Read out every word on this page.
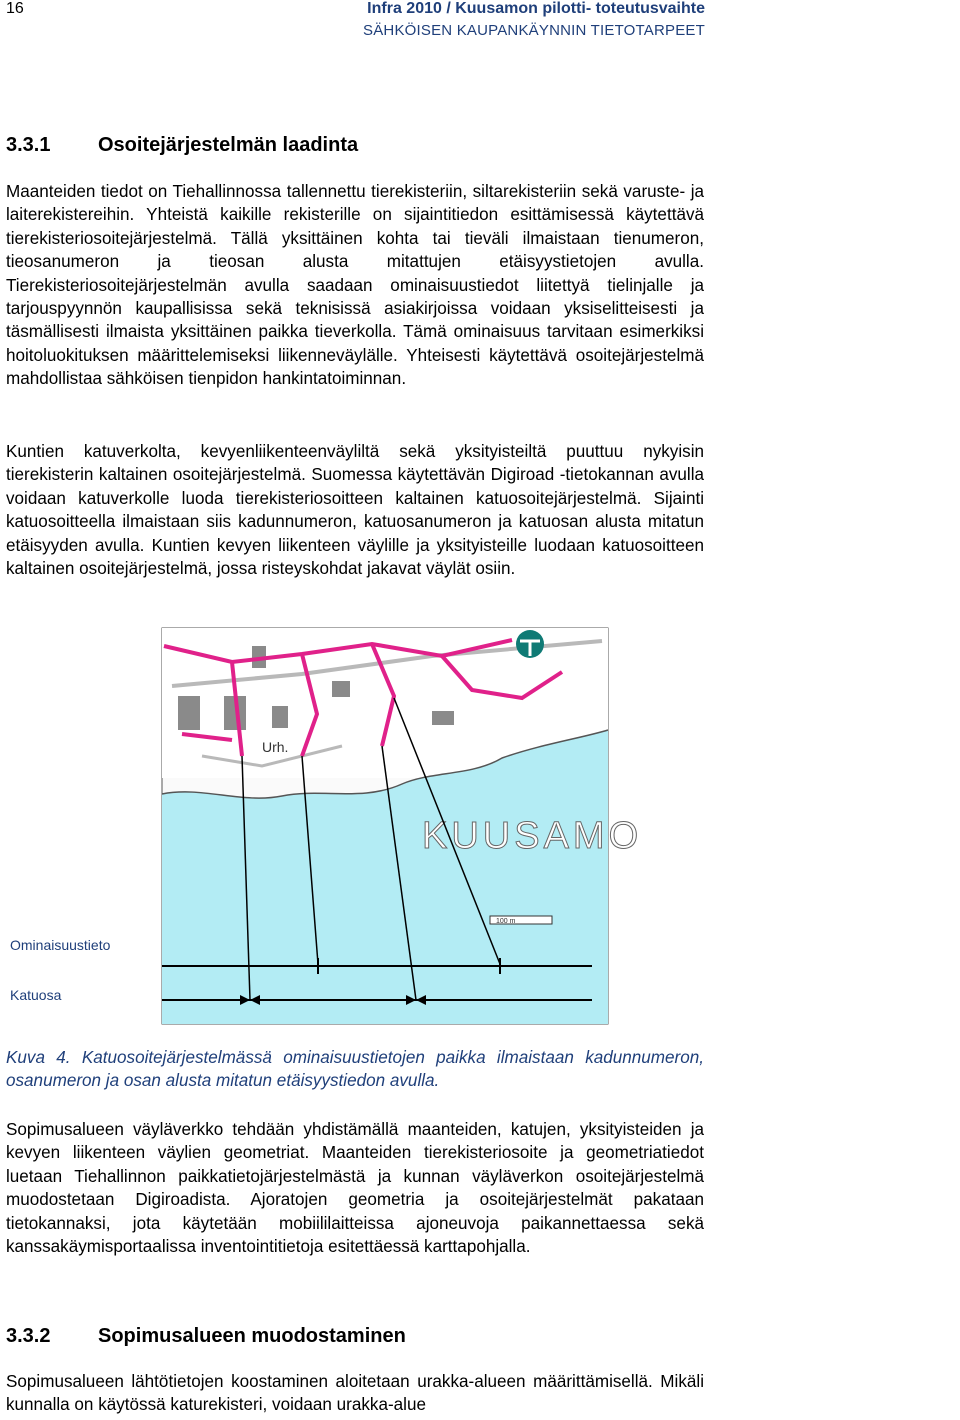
16	Infra 2010 / Kuusamon pilotti- toteutusvaihte
SÄHKÖISEN KAUPANKÄYNNIN TIETOTARPEET
3.3.1 Osoitejärjestelmän laadinta

Maanteiden tiedot on Tiehallinnossa tallennettu tierekisteriin, siltarekisteriin sekä varuste- ja laiterekistereihin. Yhteistä kaikille rekisterille on sijaintitiedon esittämisessä käytettävä tierekisteriosoitejärjestelmä. Tällä yksittäinen kohta tai tieväli ilmaistaan tienumeron, tieosanumeron ja tieosan alusta mitattujen etäisyystietojen avulla. Tierekisteriosoitejärjestelmän avulla saadaan ominaisuustiedot liitettyä tielinjalle ja tarjouspyynnön kaupallisissa sekä teknisissä asiakirjoissa voidaan yksiselitteisesti ja täsmällisesti ilmaista yksittäinen paikka tieverkolla. Tämä ominaisuus tarvitaan esimerkiksi hoitoluokituksen määrittelemiseksi liikenneväylälle. Yhteisesti käytettävä osoitejärjestelmä mahdollistaa sähköisen tienpidon hankintatoiminnan.

Kuntien katuverkolta, kevyenliikenteenväyliltä sekä yksityisteiltä puuttuu nykyisin tierekisterin kaltainen osoitejärjestelmä. Suomessa käytettävän Digiroad -tietokannan avulla voidaan katuverkolle luoda tierekisteriosoitteen kaltainen katuosoitejärjestelmä. Sijainti katuosoitteella ilmaistaan siis kadunnumeron, katuosanumeron ja katuosan alusta mitatun etäisyyden avulla. Kuntien kevyen liikenteen väylille ja yksityisteille luodaan katuosoitteen kaltainen osoitejärjestelmä, jossa risteyskohdat jakavat väylät osiin.

Urh.
KUUSAMO
100 m
Ominaisuustieto
Katuosa

Kuva 4. Katuosoitejärjestelmässä ominaisuustietojen paikka ilmaistaan kadunnumeron, osanumeron ja osan alusta mitatun etäisyystiedon avulla.

Sopimusalueen väyläverkko tehdään yhdistämällä maanteiden, katujen, yksityisteiden ja kevyen liikenteen väylien geometriat. Maanteiden tierekisteriosoite ja geometriatiedot luetaan Tiehallinnon paikkatietojärjestelmästä ja kunnan väyläverkon osoitejärjestelmä muodostetaan Digiroadista. Ajoratojen geometria ja osoitejärjestelmät pakataan tietokannaksi, jota käytetään mobiililaitteissa ajoneuvoja paikannettaessa sekä kanssakäymisportaalissa inventointitietoja esitettäessä karttapohjalla.

3.3.2 Sopimusalueen muodostaminen

Sopimusalueen lähtötietojen koostaminen aloitetaan urakka-alueen määrittämisellä. Mikäli kunnalla on käytössä katurekisteri, voidaan urakka-alue
